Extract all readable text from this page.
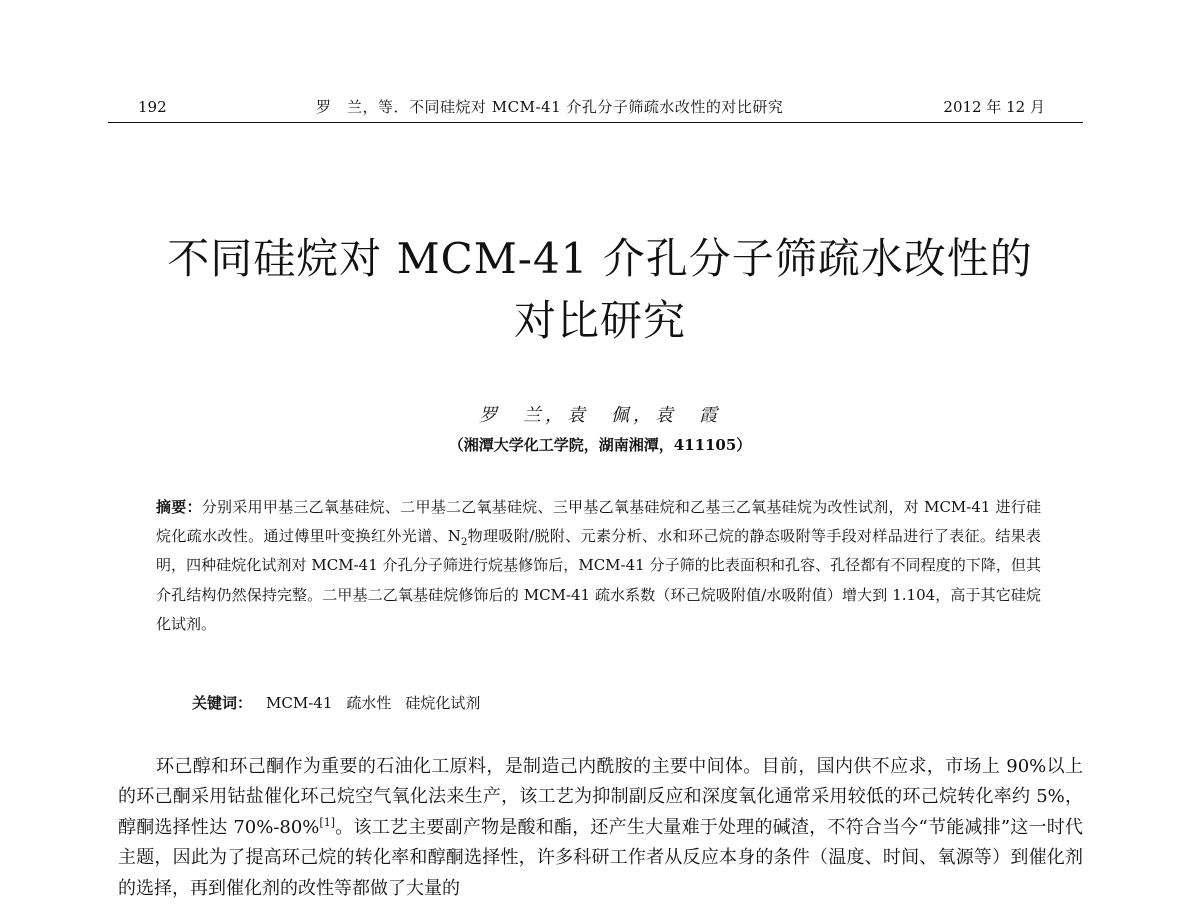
192	罗　兰，等．不同硅烷对 MCM-41 介孔分子筛疏水改性的对比研究	2012 年 12 月
不同硅烷对 MCM-41 介孔分子筛疏水改性的
对比研究
罗　兰，袁　佩，袁　霞
（湘潭大学化工学院，湖南湘潭，411105）
摘要：分别采用甲基三乙氧基硅烷、二甲基二乙氧基硅烷、三甲基乙氧基硅烷和乙基三乙氧基硅烷为改性试剂，对 MCM-41 进行硅烷化疏水改性。通过傅里叶变换红外光谱、$N_2$物理吸附/脱附、元素分析、水和环己烷的静态吸附等手段对样品进行了表征。结果表明，四种硅烷化试剂对 MCM-41 介孔分子筛进行烷基修饰后，MCM-41 分子筛的比表面积和孔容、孔径都有不同程度的下降，但其介孔结构仍然保持完整。二甲基二乙氧基硅烷修饰后的 MCM-41 疏水系数（环己烷吸附值/水吸附值）增大到 1.104，高于其它硅烷化试剂。
关键词： MCM-41 疏水性 硅烷化试剂

环己醇和环己酮作为重要的石油化工原料，是制造己内酰胺的主要中间体。目前，国内供不应求，市场上 90%以上的环己酮采用钴盐催化环己烷空气氧化法来生产，该工艺为抑制副反应和深度氧化通常采用较低的环己烷转化率约 5%，醇酮选择性达 70%-80%[1]。该工艺主要副产物是酸和酯，还产生大量难于处理的碱渣，不符合当今“节能减排”这一时代主题，因此为了提高环己烷的转化率和醇酮选择性，许多科研工作者从反应本身的条件（温度、时间、氧源等）到催化剂的选择，再到催化剂的改性等都做了大量的
